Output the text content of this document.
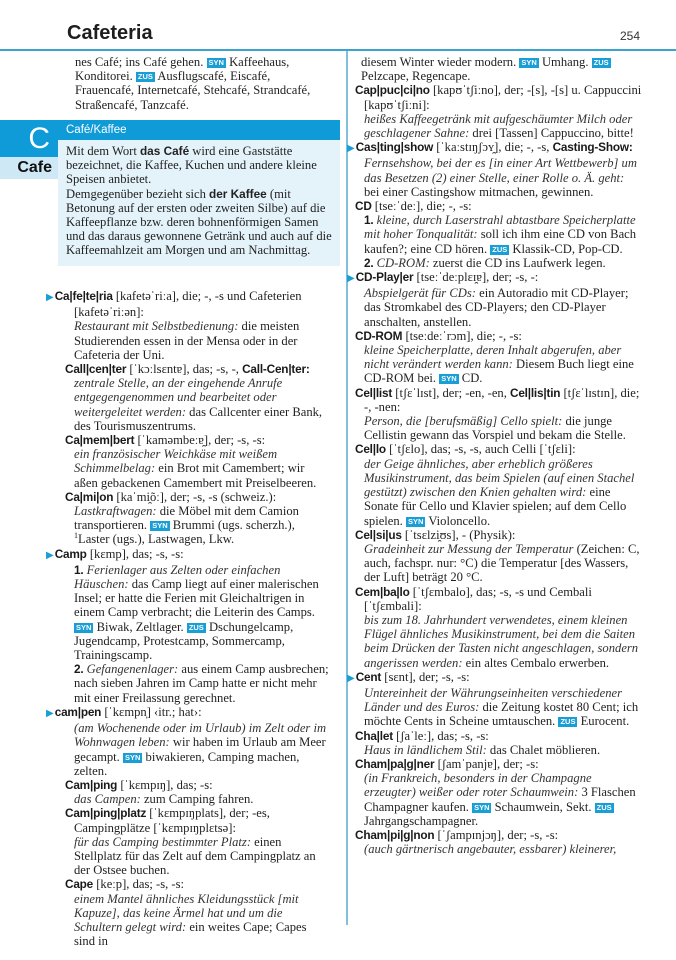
Cafeteria	254
C
Cafe

nes Café; ins Café gehen. SYN Kaffeehaus, Konditorei. ZUS Ausflugscafé, Eiscafé, Frauencafé, Internetcafé, Stehcafé, Strandcafé, Straßencafé, Tanzcafé.

Café/Kaffee
Mit dem Wort das Café wird eine Gaststätte bezeichnet, die Kaffee, Kuchen und andere kleine Speisen anbietet.
Demgegenüber bezieht sich der Kaffee (mit Betonung auf der ersten oder zweiten Silbe) auf die Kaffeepflanze bzw. deren bohnenförmigen Samen und das daraus gewonnene Getränk und auch auf die Kaffeemahlzeit am Morgen und am Nachmittag.

▶Ca|fe|te|ria [kafetəˈriːa], die; -, -s und Cafeterien [kafetəˈriːən]:
Restaurant mit Selbstbedienung: die meisten Studierenden essen in der Mensa oder in der Cafeteria der Uni.

Call|cen|ter [ˈkɔːlsɛntɐ], das; -s, -, Call-Cen|ter:
zentrale Stelle, an der eingehende Anrufe entgegengenommen und bearbeitet oder weitergeleitet werden: das Callcenter einer Bank, des Tourismuszentrums.

Ca|mem|bert [ˈkaməmbeːɐ̯], der; -s, -s:
ein französischer Weichkäse mit weißem Schimmelbelag: ein Brot mit Camembert; wir aßen gebackenen Camembert mit Preiselbeeren.

Ca|mi|on [kaˈmi̯õː], der; -s, -s (schweiz.):
Lastkraftwagen: die Möbel mit dem Camion transportieren. SYN Brummi (ugs. scherzh.), $^1$Laster (ugs.), Lastwagen, Lkw.

▶Camp [kɛmp], das; -s, -s:
1. Ferienlager aus Zelten oder einfachen Häuschen: das Camp liegt auf einer malerischen Insel; er hatte die Ferien mit Gleichaltrigen in einem Camp verbracht; die Leiterin des Camps. SYN Biwak, Zeltlager. ZUS Dschungelcamp, Jugendcamp, Protestcamp, Sommercamp, Trainingscamp.
2. Gefangenenlager: aus einem Camp ausbrechen; nach sieben Jahren im Camp hatte er nicht mehr mit einer Freilassung gerechnet.

▶cam|pen [ˈkɛmpn̩] ‹itr.; hat›:
(am Wochenende oder im Urlaub) im Zelt oder im Wohnwagen leben: wir haben im Urlaub am Meer gecampt. SYN biwakieren, Camping machen, zelten.

Cam|ping [ˈkɛmpɪŋ], das; -s:
das Campen: zum Camping fahren.

Cam|ping|platz [ˈkɛmpɪŋplats], der; -es, Campingplätze [ˈkɛmpɪŋplɛtsə]:
für das Camping bestimmter Platz: einen Stellplatz für das Zelt auf dem Campingplatz an der Ostsee buchen.

Cape [keːp], das; -s, -s:
einem Mantel ähnliches Kleidungsstück [mit Kapuze], das keine Ärmel hat und um die Schultern gelegt wird: ein weites Cape; Capes sind in

diesem Winter wieder modern. SYN Umhang. ZUS Pelzcape, Regencape.

Cap|puc|ci|no [kapʊˈtʃiːno], der; -[s], -[s] u. Cappuccini [kapʊˈtʃiːni]:
heißes Kaffeegetränk mit aufgeschäumter Milch oder geschlagener Sahne: drei [Tassen] Cappuccino, bitte!

▶Cas|ting|show [ˈkaːstɪŋʃɔʏ̯], die; -, -s, Casting-Show:
Fernsehshow, bei der es [in einer Art Wettbewerb] um das Besetzen (2) einer Stelle, einer Rolle o. Ä. geht: bei einer Castingshow mitmachen, gewinnen.

CD [tseːˈdeː], die; -, -s:
1. kleine, durch Laserstrahl abtastbare Speicherplatte mit hoher Tonqualität: soll ich ihm eine CD von Bach kaufen?; eine CD hören. ZUS Klassik-CD, Pop-CD.
2. CD-ROM: zuerst die CD ins Laufwerk legen.

▶CD-Play|er [tseːˈdeːplɛɪ̯ɐ], der; -s, -:
Abspielgerät für CDs: ein Autoradio mit CD-Player; das Stromkabel des CD-Players; den CD-Player anschalten, anstellen.

CD-ROM [tseːdeːˈrɔm], die; -, -s:
kleine Speicherplatte, deren Inhalt abgerufen, aber nicht verändert werden kann: Diesem Buch liegt eine CD-ROM bei. SYN CD.

Cel|list [tʃɛˈlɪst], der; -en, -en, Cel|lis|tin [tʃɛˈlɪstɪn], die; -, -nen:
Person, die [berufsmäßig] Cello spielt: die junge Cellistin gewann das Vorspiel und bekam die Stelle.

Cel|lo [ˈtʃɛlo], das; -s, -s, auch Celli [ˈtʃɛli]:
der Geige ähnliches, aber erheblich größeres Musikinstrument, das beim Spielen (auf einen Stachel gestützt) zwischen den Knien gehalten wird: eine Sonate für Cello und Klavier spielen; auf dem Cello spielen. SYN Violoncello.

Cel|si|us [ˈtsɛlzi̯ʊs], - (Physik):
Gradeinheit zur Messung der Temperatur (Zeichen: C, auch, fachspr. nur: °C) die Temperatur [des Wassers, der Luft] beträgt 20 °C.

Cem|ba|lo [ˈtʃɛmbalo], das; -s, -s und Cembali [ˈtʃɛmbali]:
bis zum 18. Jahrhundert verwendetes, einem kleinen Flügel ähnliches Musikinstrument, bei dem die Saiten beim Drücken der Tasten nicht angeschlagen, sondern angerissen werden: ein altes Cembalo erwerben.

▶Cent [sɛnt], der; -s, -s:
Untereinheit der Währungseinheiten verschiedener Länder und des Euros: die Zeitung kostet 80 Cent; ich möchte Cents in Scheine umtauschen. ZUS Eurocent.

Cha|let [ʃaˈleː], das; -s, -s:
Haus in ländlichem Stil: das Chalet möblieren.

Cham|pa|g|ner [ʃamˈpanjɐ], der; -s:
(in Frankreich, besonders in der Champagne erzeugter) weißer oder roter Schaumwein: 3 Flaschen Champagner kaufen. SYN Schaumwein, Sekt. ZUS Jahrgangschampagner.

Cham|pi|g|non [ˈʃampɪnjɔŋ], der; -s, -s:
(auch gärtnerisch angebauter, essbarer) kleinerer,
